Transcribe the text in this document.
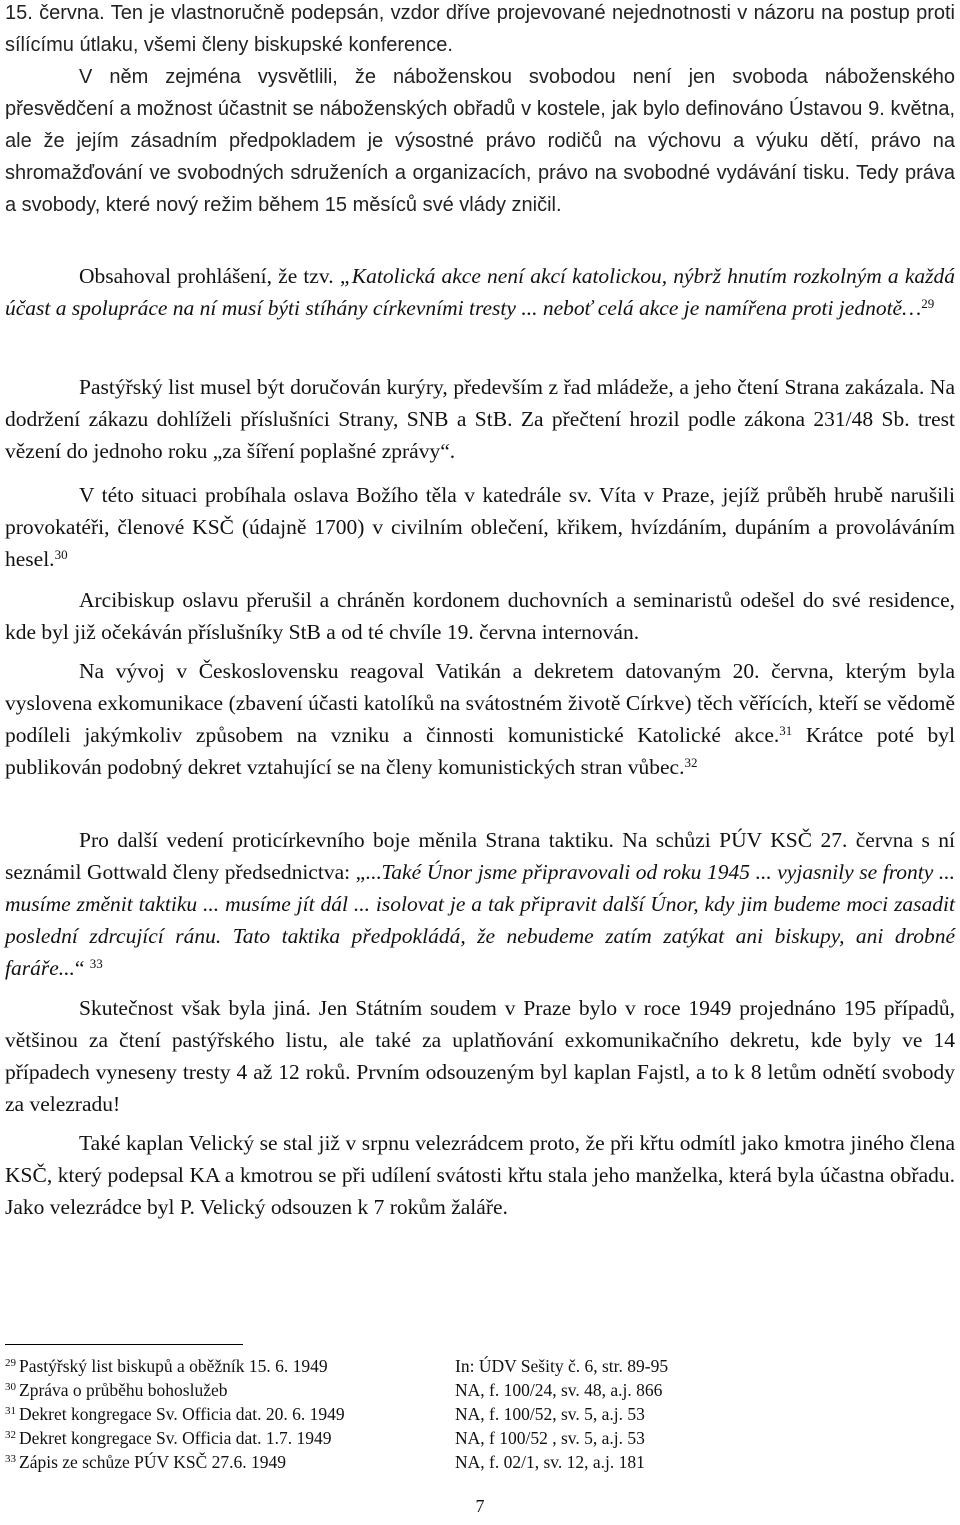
15. června. Ten je vlastnoručně podepsán, vzdor dříve projevované nejednotnosti v názoru na postup proti sílícímu útlaku, všemi členy biskupské konference.

V něm zejména vysvětlili, že náboženskou svobodou není jen svoboda náboženského přesvědčení a možnost účastnit se náboženských obřadů v kostele, jak bylo definováno Ústavou 9. května, ale že jejím zásadním předpokladem je výsostné právo rodičů na výchovu a výuku dětí, právo na shromažďování ve svobodných sdruženích a organizacích, právo na svobodné vydávání tisku. Tedy práva a svobody, které nový režim během 15 měsíců své vlády zničil.

Obsahoval prohlášení, že tzv. „Katolická akce není akcí katolickou, nýbrž hnutím rozkolným a každá účast a spolupráce na ní musí býti stíhány církevními tresty ... neboť celá akce je namířena proti jednotě…$^{29}$

Pastýřský list musel být doručován kurýry, především z řad mládeže, a jeho čtení Strana zakázala. Na dodržení zákazu dohlíželi příslušníci Strany, SNB a StB. Za přečtení hrozil podle zákona 231/48 Sb. trest vězení do jednoho roku „za šíření poplašné zprávy“.

V této situaci probíhala oslava Božího těla v katedrále sv. Víta v Praze, jejíž průběh hrubě narušili provokatéři, členové KSČ (údajně 1700) v civilním oblečení, křikem, hvízdáním, dupáním a provoláváním hesel.$^{30}$

Arcibiskup oslavu přerušil a chráněn kordonem duchovních a seminaristů odešel do své residence, kde byl již očekáván příslušníky StB a od té chvíle 19. června internován.

Na vývoj v Československu reagoval Vatikán a dekretem datovaným 20. června, kterým byla vyslovena exkomunikace (zbavení účasti katolíků na svátostném životě Církve) těch věřících, kteří se vědomě podíleli jakýmkoliv způsobem na vzniku a činnosti komunistické Katolické akce.$^{31}$ Krátce poté byl publikován podobný dekret vztahující se na členy komunistických stran vůbec.$^{32}$

Pro další vedení proticírkevního boje měnila Strana taktiku. Na schůzi PÚV KSČ 27. června s ní seznámil Gottwald členy předsednictva: „...Také Únor jsme připravovali od roku 1945 ... vyjasnily se fronty ... musíme změnit taktiku ... musíme jít dál ... isolovat je a tak připravit další Únor, kdy jim budeme moci zasadit poslední zdrcující ránu. Tato taktika předpokládá, že nebudeme zatím zatýkat ani biskupy, ani drobné faráře...“ $^{33}$

Skutečnost však byla jiná. Jen Státním soudem v Praze bylo v roce 1949 projednáno 195 případů, většinou za čtení pastýřského listu, ale také za uplatňování exkomunikačního dekretu, kde byly ve 14 případech vyneseny tresty 4 až 12 roků. Prvním odsouzeným byl kaplan Fajstl, a to k 8 letům odnětí svobody za velezradu!

Také kaplan Velický se stal již v srpnu velezrádcem proto, že při křtu odmítl jako kmotra jiného člena KSČ, který podepsal KA a kmotrou se při udílení svátosti křtu stala jeho manželka, která byla účastna obřadu. Jako velezrádce byl P. Velický odsouzen k 7 rokům žaláře.

$^{29}$ Pastýřský list biskupů a oběžník 15. 6. 1949	In: ÚDV Sešity č. 6, str. 89-95
$^{30}$ Zpráva o průběhu bohoslužeb	NA, f. 100/24, sv. 48, a.j. 866
$^{31}$ Dekret kongregace Sv. Officia dat. 20. 6. 1949	NA, f. 100/52, sv. 5, a.j. 53
$^{32}$ Dekret kongregace Sv. Officia dat. 1.7. 1949	NA, f 100/52 , sv. 5, a.j. 53
$^{33}$ Zápis ze schůze PÚV KSČ 27.6. 1949	NA, f. 02/1, sv. 12, a.j. 181
7
